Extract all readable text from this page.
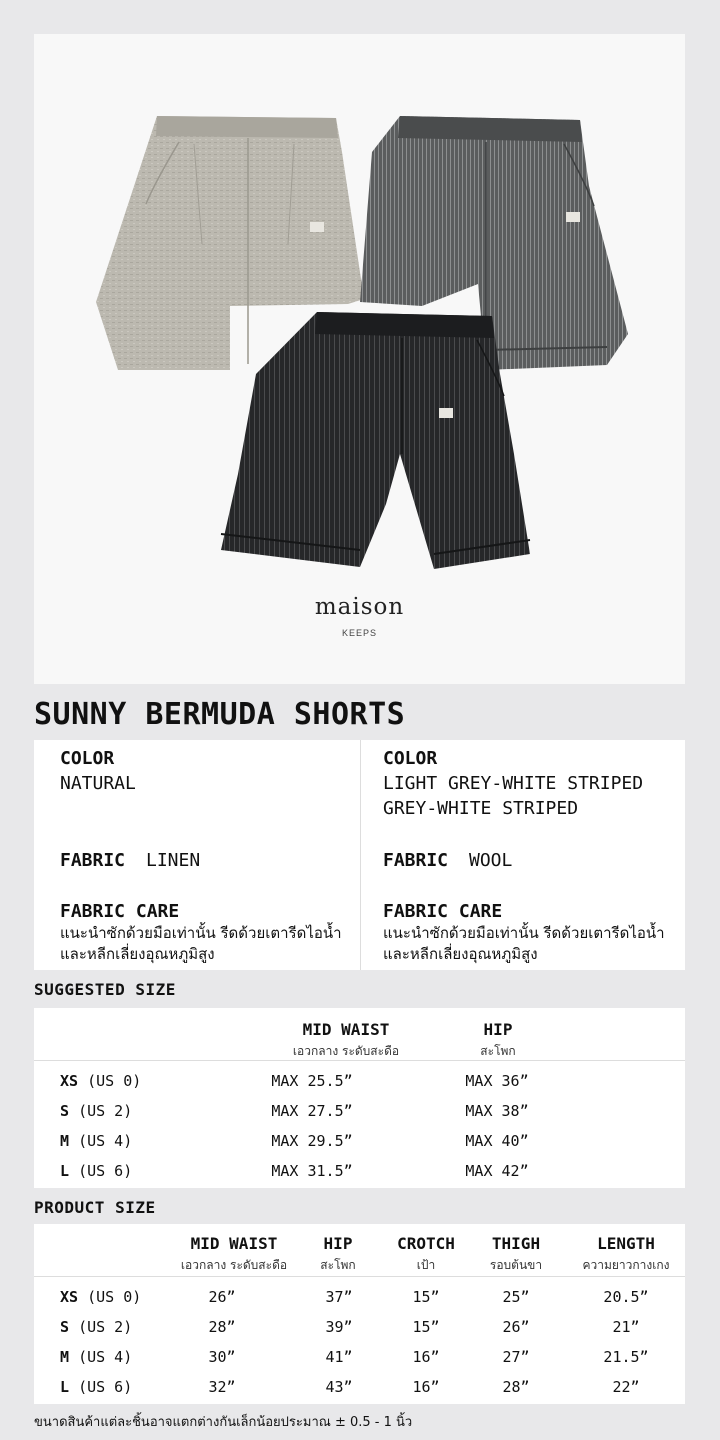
maison
KEEPS
SUNNY BERMUDA SHORTS
COLOR
NATURAL
FABRIC LINEN
FABRIC CARE
แนะนำซักด้วยมือเท่านั้น รีดด้วยเตารีดไอน้ำ
และหลีกเลี่ยงอุณหภูมิสูง
COLOR
LIGHT GREY-WHITE STRIPED
GREY-WHITE STRIPED
FABRIC WOOL
FABRIC CARE
แนะนำซักด้วยมือเท่านั้น รีดด้วยเตารีดไอน้ำ
และหลีกเลี่ยงอุณหภูมิสูง
SUGGESTED SIZE
MID WAIST
เอวกลาง ระดับสะดือ
HIP
สะโพก
XS (US 0)	MAX 25.5”	MAX 36”
S (US 2)	MAX 27.5”	MAX 38”
M (US 4)	MAX 29.5”	MAX 40”
L (US 6)	MAX 31.5”	MAX 42”
PRODUCT SIZE
MID WAIST
เอวกลาง ระดับสะดือ
HIP
สะโพก
CROTCH
เป้า
THIGH
รอบต้นขา
LENGTH
ความยาวกางเกง
XS (US 0)	26”	37”	15”	25”	20.5”
S (US 2)	28”	39”	15”	26”	21”
M (US 4)	30”	41”	16”	27”	21.5”
L (US 6)	32”	43”	16”	28”	22”
ขนาดสินค้าแต่ละชิ้นอาจแตกต่างกันเล็กน้อยประมาณ ± 0.5 - 1 นิ้ว
